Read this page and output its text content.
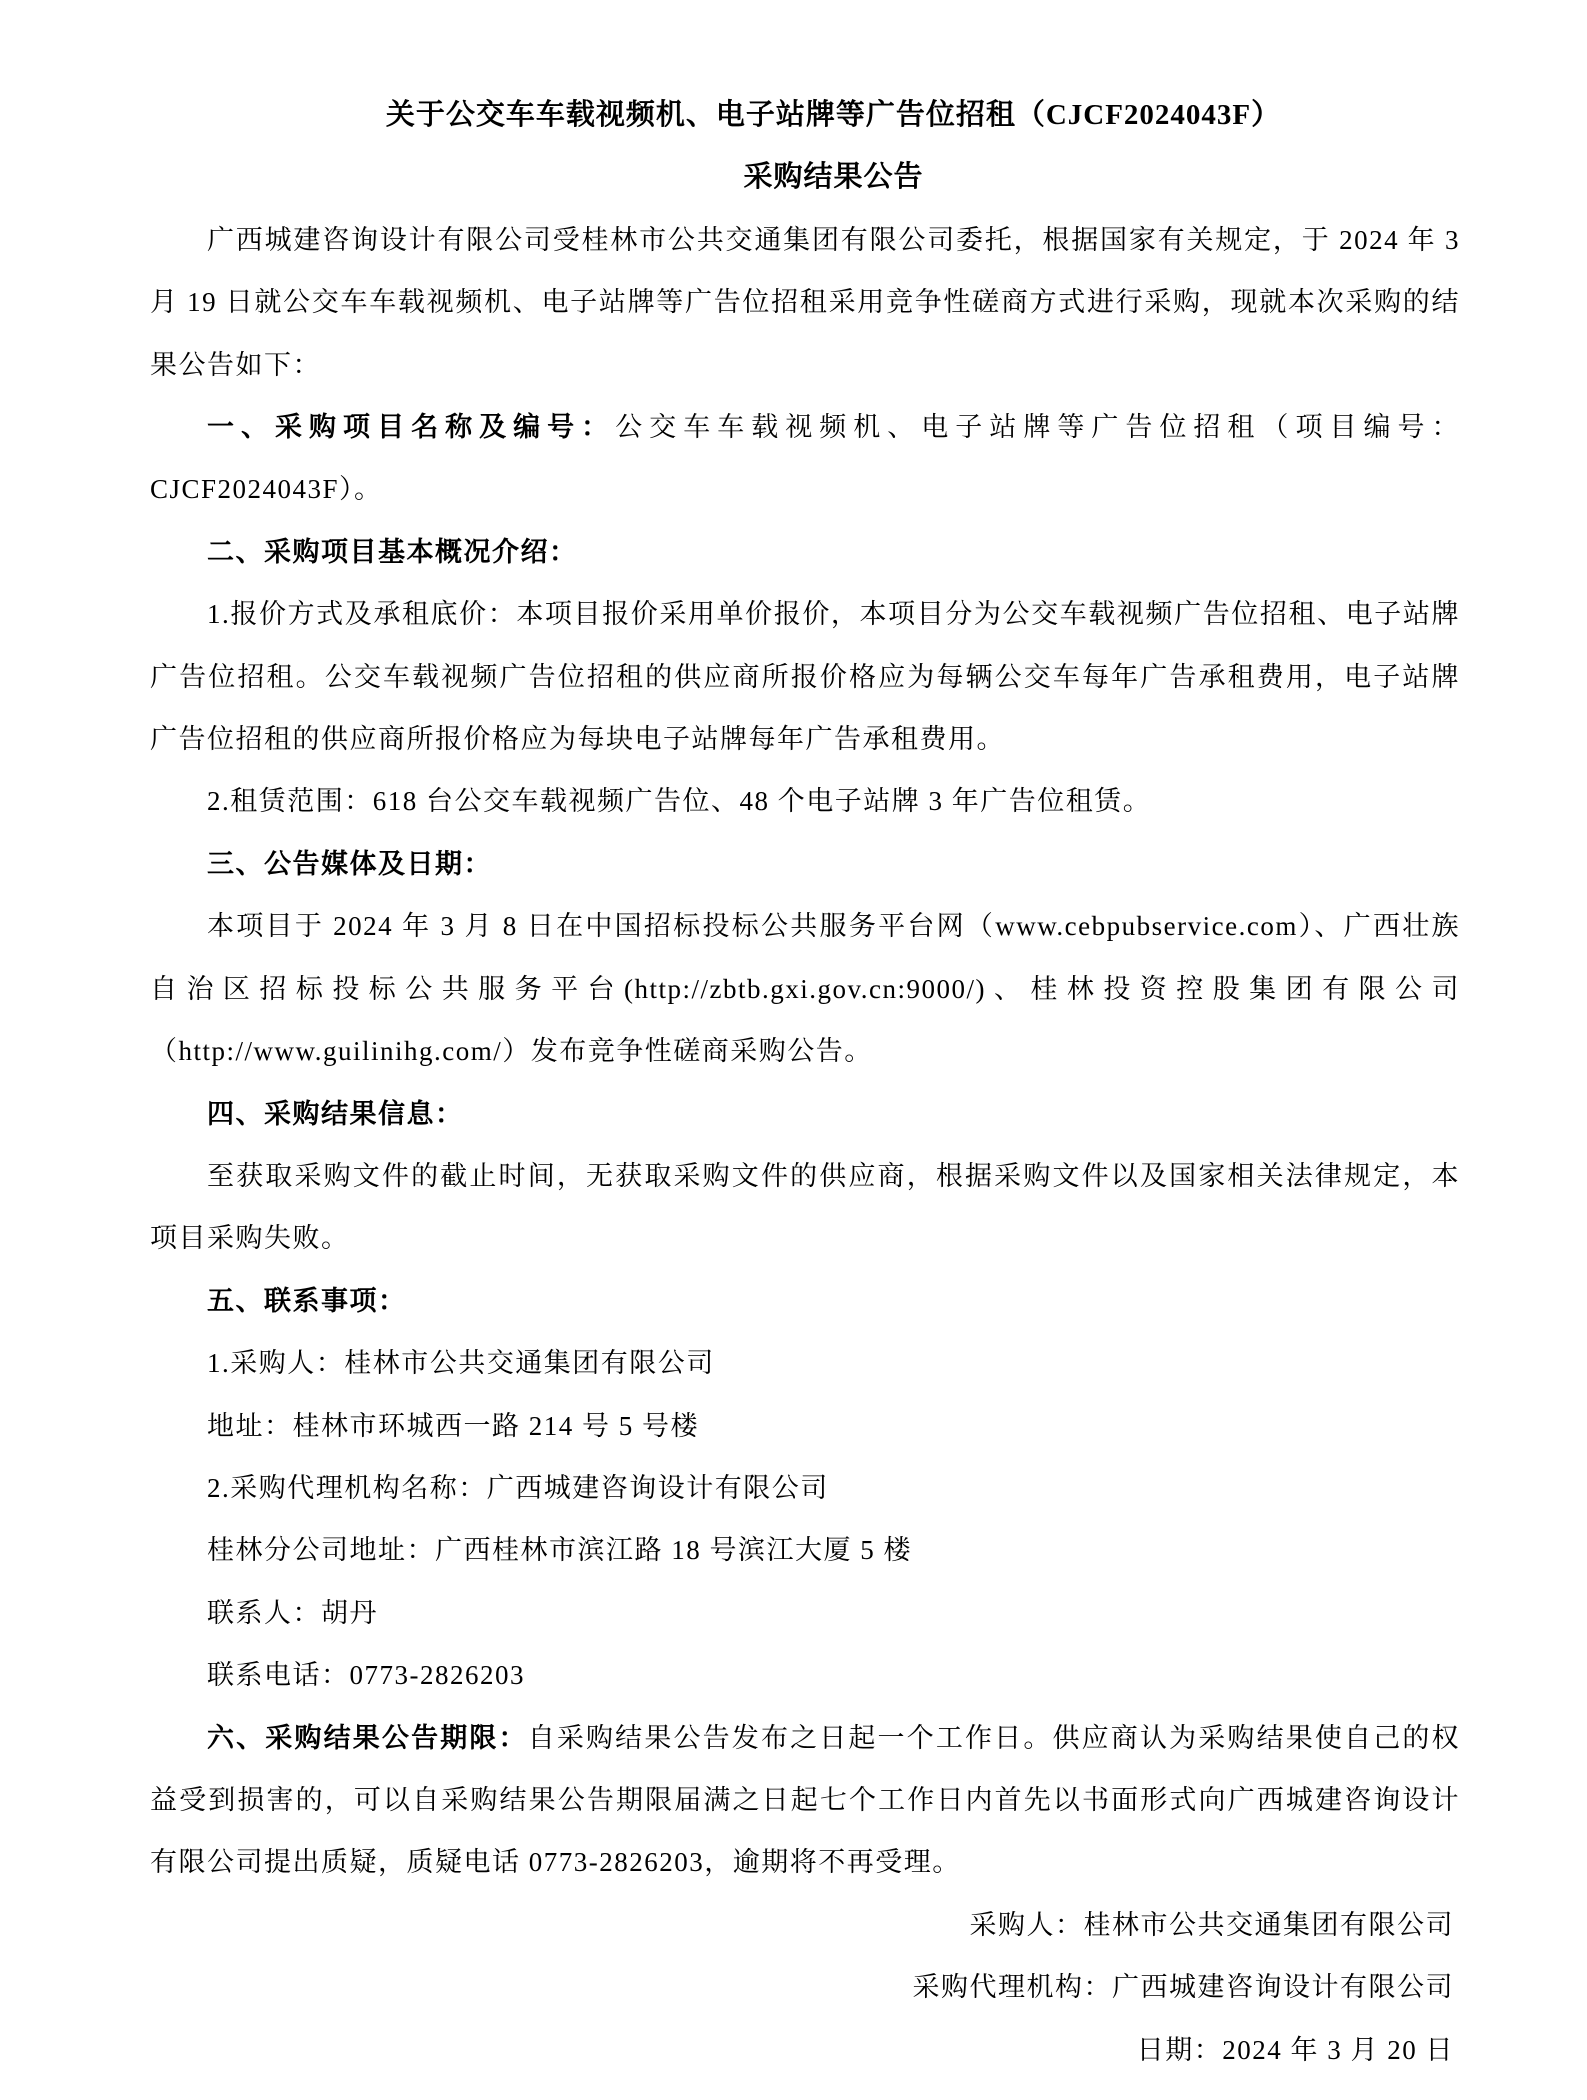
关于公交车车载视频机、电子站牌等广告位招租（CJCF2024043F）

采购结果公告

广西城建咨询设计有限公司受桂林市公共交通集团有限公司委托，根据国家有关规定，于 2024 年 3 月 19 日就公交车车载视频机、电子站牌等广告位招租采用竞争性磋商方式进行采购，现就本次采购的结果公告如下：

一、采购项目名称及编号：公交车车载视频机、电子站牌等广告位招租（项目编号：CJCF2024043F）。

二、采购项目基本概况介绍：

1.报价方式及承租底价：本项目报价采用单价报价，本项目分为公交车载视频广告位招租、电子站牌广告位招租。公交车载视频广告位招租的供应商所报价格应为每辆公交车每年广告承租费用，电子站牌广告位招租的供应商所报价格应为每块电子站牌每年广告承租费用。

2.租赁范围：618 台公交车载视频广告位、48 个电子站牌 3 年广告位租赁。

三、公告媒体及日期：

本项目于 2024 年 3 月 8 日在中国招标投标公共服务平台网（www.cebpubservice.com）、广西壮族自治区招标投标公共服务平台(http://zbtb.gxi.gov.cn:9000/)、桂林投资控股集团有限公司（http://www.guilinihg.com/）发布竞争性磋商采购公告。

四、采购结果信息：

至获取采购文件的截止时间，无获取采购文件的供应商，根据采购文件以及国家相关法律规定，本项目采购失败。

五、联系事项：

1.采购人：桂林市公共交通集团有限公司

地址：桂林市环城西一路 214 号 5 号楼

2.采购代理机构名称：广西城建咨询设计有限公司

桂林分公司地址：广西桂林市滨江路 18 号滨江大厦 5 楼

联系人：胡丹

联系电话：0773-2826203

六、采购结果公告期限：自采购结果公告发布之日起一个工作日。供应商认为采购结果使自己的权益受到损害的，可以自采购结果公告期限届满之日起七个工作日内首先以书面形式向广西城建咨询设计有限公司提出质疑，质疑电话 0773-2826203，逾期将不再受理。

采购人：桂林市公共交通集团有限公司

采购代理机构：广西城建咨询设计有限公司

日期：2024 年 3 月 20 日
